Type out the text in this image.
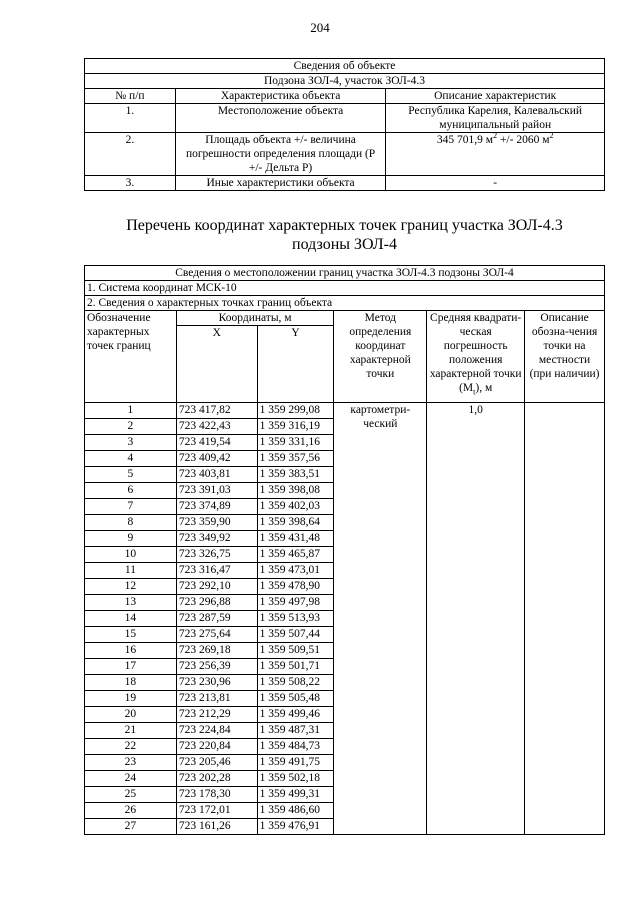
204
Сведения об объекте		
Подзона ЗОЛ-4, участок ЗОЛ-4.3		
№ п/п	Характеристика объекта	Описание характеристик
1.	Местоположение объекта	Республика Карелия, Калевальский муниципальный район
2.	Площадь объекта +/- величина погрешности определения площади (Р +/- Дельта Р)	345 701,9 $м^2$ +/- 2060 $м^2$
3.	Иные характеристики объекта	-
Перечень координат характерных точек границ участка ЗОЛ-4.3
подзоны ЗОЛ-4
Сведения о местоположении границ участка ЗОЛ-4.3 подзоны ЗОЛ-4					
1. Система координат МСК-10					
2. Сведения о характерных точках границ объекта					
Обозначение характерных точек границ	Координаты, м		Метод определения координат характерной точки	Средняя квадрати-ческая погрешность положения характерной точки $(M_t)$, м	Описание обозна-чения точки на местности (при наличии)
	X	Y			
1	723 417,82	1 359 299,08	картометри-ческий	1,0	
2	723 422,43	1 359 316,19			
3	723 419,54	1 359 331,16			
4	723 409,42	1 359 357,56			
5	723 403,81	1 359 383,51			
6	723 391,03	1 359 398,08			
7	723 374,89	1 359 402,03			
8	723 359,90	1 359 398,64			
9	723 349,92	1 359 431,48			
10	723 326,75	1 359 465,87			
11	723 316,47	1 359 473,01			
12	723 292,10	1 359 478,90			
13	723 296,88	1 359 497,98			
14	723 287,59	1 359 513,93			
15	723 275,64	1 359 507,44			
16	723 269,18	1 359 509,51			
17	723 256,39	1 359 501,71			
18	723 230,96	1 359 508,22			
19	723 213,81	1 359 505,48			
20	723 212,29	1 359 499,46			
21	723 224,84	1 359 487,31			
22	723 220,84	1 359 484,73			
23	723 205,46	1 359 491,75			
24	723 202,28	1 359 502,18			
25	723 178,30	1 359 499,31			
26	723 172,01	1 359 486,60			
27	723 161,26	1 359 476,91			
